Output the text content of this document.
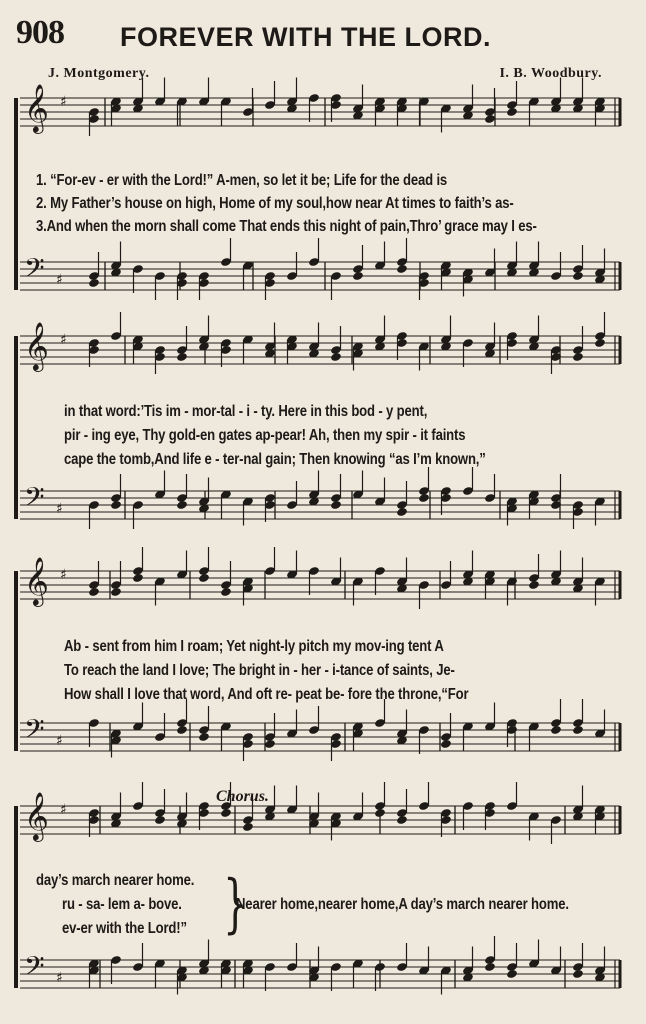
908 FOREVER WITH THE LORD.
J. Montgomery.	I. B. Woodbury.
𝄞
𝄢
♯
♯
𝄞
𝄢
♯
♯
𝄞
𝄢
♯
♯
𝄞
𝄢
♯
♯
1. “For-ev - er with the Lord!” A-men, so let it be; Life for the dead is
2. My Father’s house on high, Home of my soul,how near At times to faith’s as-
3.And when the morn shall come That ends this night of pain,Thro’ grace may I es-
in that word:’Tis im - mor-tal - i - ty. Here in this bod - y pent,
pir - ing eye, Thy gold-en gates ap-pear! Ah, then my spir - it faints
cape the tomb,And life e - ter-nal gain; Then knowing “as I’m known,”
Ab - sent from him I roam; Yet night-ly pitch my mov-ing tent A
To reach the land I love; The bright in - her - i-tance of saints, Je-
How shall I love that word, And oft re- peat be- fore the throne,“For
Chorus.
day’s march nearer home.
ru - sa- lem a- bove.
ev-er with the Lord!” }
Nearer home,nearer home,A day’s march nearer home.
